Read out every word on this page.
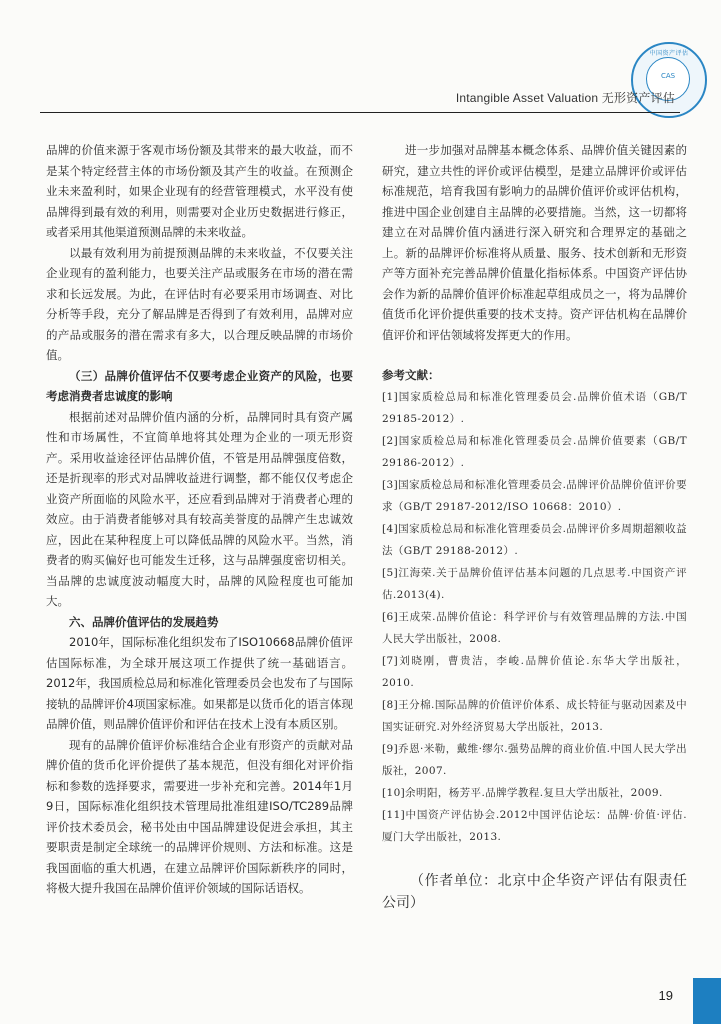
中国资产评估
CAS
Intangible Asset Valuation 无形资产评估

品牌的价值来源于客观市场份额及其带来的最大收益，而不是某个特定经营主体的市场份额及其产生的收益。在预测企业未来盈利时，如果企业现有的经营管理模式，水平没有使品牌得到最有效的利用，则需要对企业历史数据进行修正，或者采用其他渠道预测品牌的未来收益。

以最有效利用为前提预测品牌的未来收益，不仅要关注企业现有的盈利能力，也要关注产品或服务在市场的潜在需求和长远发展。为此，在评估时有必要采用市场调查、对比分析等手段，充分了解品牌是否得到了有效利用，品牌对应的产品或服务的潜在需求有多大，以合理反映品牌的市场价值。

（三）品牌价值评估不仅要考虑企业资产的风险，也要考虑消费者忠诚度的影响

根据前述对品牌价值内涵的分析，品牌同时具有资产属性和市场属性，不宜简单地将其处理为企业的一项无形资产。采用收益途径评估品牌价值，不管是用品牌强度倍数，还是折现率的形式对品牌收益进行调整，都不能仅仅考虑企业资产所面临的风险水平，还应看到品牌对于消费者心理的效应。由于消费者能够对具有较高美誉度的品牌产生忠诚效应，因此在某种程度上可以降低品牌的风险水平。当然，消费者的购买偏好也可能发生迁移，这与品牌强度密切相关。当品牌的忠诚度波动幅度大时，品牌的风险程度也可能加大。

六、品牌价值评估的发展趋势

2010年，国际标准化组织发布了ISO10668品牌价值评估国际标准，为全球开展这项工作提供了统一基础语言。2012年，我国质检总局和标准化管理委员会也发布了与国际接轨的品牌评价4项国家标准。如果都是以货币化的语言体现品牌价值，则品牌价值评价和评估在技术上没有本质区别。

现有的品牌价值评价标准结合企业有形资产的贡献对品牌价值的货币化评价提供了基本规范，但没有细化对评价指标和参数的选择要求，需要进一步补充和完善。2014年1月9日，国际标准化组织技术管理局批准组建ISO/TC289品牌评价技术委员会，秘书处由中国品牌建设促进会承担，其主要职责是制定全球统一的品牌评价规则、方法和标准。这是我国面临的重大机遇，在建立品牌评价国际新秩序的同时，将极大提升我国在品牌价值评价领域的国际话语权。

进一步加强对品牌基本概念体系、品牌价值关键因素的研究，建立共性的评价或评估模型，是建立品牌评价或评估标准规范，培育我国有影响力的品牌价值评价或评估机构，推进中国企业创建自主品牌的必要措施。当然，这一切都将建立在对品牌价值内涵进行深入研究和合理界定的基础之上。新的品牌评价标准将从质量、服务、技术创新和无形资产等方面补充完善品牌价值量化指标体系。中国资产评估协会作为新的品牌价值评价标准起草组成员之一，将为品牌价值货币化评价提供重要的技术支持。资产评估机构在品牌价值评价和评估领域将发挥更大的作用。

参考文献：

[1]国家质检总局和标准化管理委员会.品牌价值术语（GB/T 29185-2012）.

[2]国家质检总局和标准化管理委员会.品牌价值要素（GB/T 29186-2012）.

[3]国家质检总局和标准化管理委员会.品牌评价品牌价值评价要求（GB/T 29187-2012/ISO 10668：2010）.

[4]国家质检总局和标准化管理委员会.品牌评价多周期超额收益法（GB/T 29188-2012）.

[5]江海荣.关于品牌价值评估基本问题的几点思考.中国资产评估.2013(4).

[6]王成荣.品牌价值论：科学评价与有效管理品牌的方法.中国人民大学出版社，2008.

[7]刘晓刚，曹贵洁，李峻.品牌价值论.东华大学出版社，2010.

[8]王分棉.国际品牌的价值评价体系、成长特征与驱动因素及中国实证研究.对外经济贸易大学出版社，2013.

[9]乔恩·米勒，戴维·缪尔.强势品牌的商业价值.中国人民大学出版社，2007.

[10]余明阳，杨芳平.品牌学教程.复旦大学出版社，2009.

[11]中国资产评估协会.2012中国评估论坛：品牌·价值·评估.厦门大学出版社，2013.

（作者单位：北京中企华资产评估有限责任公司）

19
